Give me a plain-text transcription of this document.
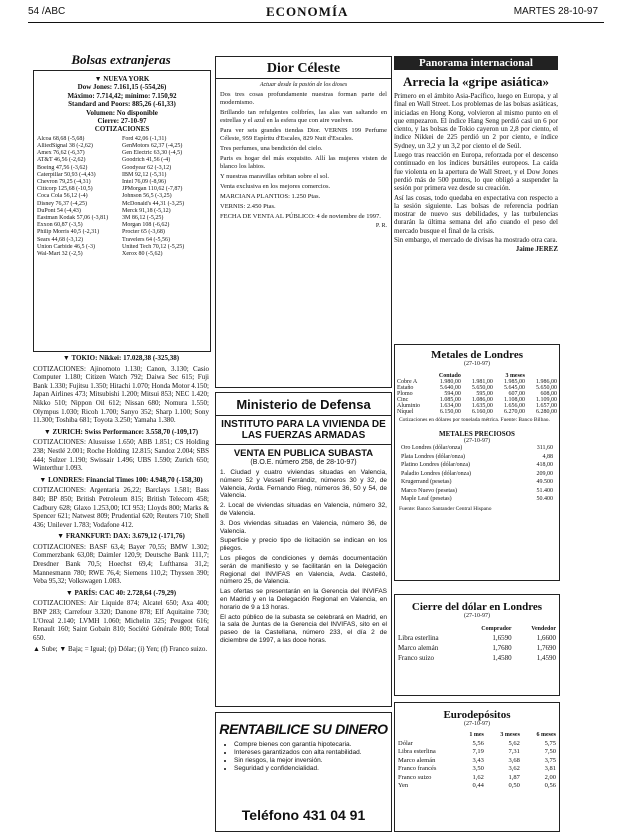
54 /ABC	ECONOMÍA	MARTES 28-10-97
Bolsas extranjeras
▼ NUEVA YORK
Dow Jones: 7.161,15 (-554,26)
Máximo: 7.714,42; mínimo: 7.150,92
Standard and Poors: 885,26 (-61,33)
Volumen: No disponible
Cierre: 27-10-97
COTIZACIONES
Alcoa 68,68 (-5,68)	Ford 42,06 (-1,31)
AlliedSignal 38 (-2,62)	GenMotors 62,37 (-4,25)
Amex 76,62 (-6,37)	Gen Electric 63,30 (-4,5)
AT&T 46,56 (-2,62)	Goodrich 41,56 (-4)
Boeing 47,56 (-3,62)	Goodyear 62 (-3,12)
Caterpillar 50,93 (-4,43)	IBM 92,12 (-5,31)
Chevron 79,25 (-4,31)	Intel 76,09 (-8,96)
Citicorp 125,68 (-10,5)	JPMorgan 110,62 (-7,87)
Coca Cola 56,12 (-4)	Johnson 56,5 (-3,25)
Disney 76,37 (-4,25)	McDonald's 44,31 (-3,25)
DuPont 54 (-4,43)	Merck 91,18 (-5,12)
Eastman Kodak 57,06 (-3,81)	3M 86,12 (-5,25)
Exxon 60,87 (-3,5)	Morgan 108 (-6,62)
Philip Morris 40,5 (-2,31)	Procter 65 (-3,68)
Sears 44,68 (-3,12)	Travelers 64 (-5,56)
Union Carbide 46,5 (-3)	United Tech 70,12 (-5,25)
Wal-Mart 32 (-2,5)	Xerox 80 (-5,62)
▼ TOKIO: Nikkei: 17.028,38 (-325,38)

COTIZACIONES: Ajinomoto 1.130; Canon, 3.130; Casio Computer 1.180; Citizen Watch 792; Daiwa Sec 615; Fuji Bank 1.330; Fujitsu 1.350; Hitachi 1.070; Honda Motor 4.150; Japan Airlines 473; Mitsubishi 1.200; Mitsui 853; NEC 1.420; Nikko 510; Nippon Oil 612; Nissan 680; Nomura 1.550; Olympus 1.030; Ricoh 1.700; Sanyo 352; Sharp 1.100; Sony 11.300; Toshiba 681; Toyota 3.250; Yamaha 1.380.

▼ ZURICH: Swiss Performance: 3.558,70 (-109,17)

COTIZACIONES: Alusuisse 1.650; ABB 1.851; CS Holding 238; Nestlé 2.001; Roche Holding 12.815; Sandoz 2.004; SBS 444; Sulzer 1.190; Swissair 1.496; UBS 1.590; Zurich 650; Winterthur 1.093.

▼ LONDRES: Financial Times 100: 4.948,70 (-158,30)

COTIZACIONES: Argentaria 26,22; Barclays 1.581; Bass 840; BP 850; British Petroleum 815; British Telecom 458; Cadbury 628; Glaxo 1.253,00; ICI 953; Lloyds 800; Marks & Spencer 621; Natwest 809; Prudential 620; Reuters 710; Shell 436; Unilever 1.783; Vodafone 412.

▼ FRANKFURT: DAX: 3.679,12 (-171,76)

COTIZACIONES: BASF 63,4; Bayer 70,55; BMW 1.302; Commerzbank 63,08; Daimler 120,9; Deutsche Bank 111,7; Dresdner Bank 70,5; Hoechst 69,4; Lufthansa 31,2; Mannesmann 780; RWE 76,4; Siemens 110,2; Thyssen 390; Veba 95,32; Volkswagen 1.083.

▼ PARÍS: CAC 40: 2.728,64 (-79,29)

COTIZACIONES: Air Liquide 874; Alcatel 650; Axa 400; BNP 283; Carrefour 3.320; Danone 878; Elf Aquitaine 730; L'Oreal 2.140; LVMH 1.060; Michelin 325; Peugeot 616; Renault 160; Saint Gobain 810; Société Générale 800; Total 650.

▲ Sube; ▼ Baja; = Igual; (p) Dólar; (i) Yen; (f) Franco suizo.

Dior Céleste
Actuar desde la pasión de los dioses

Dos tres cosas profundamente nuestras forman parte del modernismo.

Brillando tan refulgentes colibríes, las alas van saltando en estrellas y el azul en la esfera que con aire vuelven.

Para ver seis grandes tiendas Dior. VERNIS 199 Perfume Céleste, 959 Espíritu d'Escales, 829 Nuit d'Escales.

Tres perfumes, una bendición del cielo.

Paris es hogar del más exquisito. Allí las mujeres visten de blanco los labios.

Y nuestras maravillas orbitan sobre el sol.

Venta exclusiva en los mejores comercios.

MARCIANA PLANTIOS: 1.250 Ptas.

VERNIS: 2.450 Ptas.

FECHA DE VENTA AL PÚBLICO: 4 de noviembre de 1997.

P. R.
Ministerio de Defensa
INSTITUTO PARA LA VIVIENDA DE LAS FUERZAS ARMADAS
VENTA EN PUBLICA SUBASTA
(B.O.E. número 258, de 28-10-97)

1. Ciudad y cuatro viviendas situadas en Valencia, número 52 y Vessell Ferrándiz, números 30 y 32, de Valencia, Avda. Fernando Rieg, números 36, 50 y 54, de Valencia.

2. Local de viviendas situadas en Valencia, número 32, de Valencia.

3. Dos viviendas situadas en Valencia, número 36, de Valencia.

Superficie y precio tipo de licitación se indican en los pliegos.

Los pliegos de condiciones y demás documentación serán de manifiesto y se facilitarán en la Delegación Regional del INVIFAS en Valencia, Avda. Castelló, número 25, de Valencia.

Las ofertas se presentarán en la Gerencia del INVIFAS en Madrid y en la Delegación Regional en Valencia, en horario de 9 a 13 horas.

El acto público de la subasta se celebrará en Madrid, en la sala de Juntas de la Gerencia del INVIFAS, sito en el paseo de la Castellana, número 233, el día 2 de diciembre de 1997, a las doce horas.

RENTABILICE SU DINERO
• Compre bienes con garantía hipotecaria.
• Intereses garantizados con alta rentabilidad.
• Sin riesgos, la mejor inversión.
• Seguridad y confidencialidad.
Teléfono 431 04 91
Panorama internacional
Arrecia la «gripe asiática»

Primero en el ámbito Asia-Pacífico, luego en Europa, y al final en Wall Street. Los problemas de las bolsas asiáticas, iniciadas en Hong Kong, volvieron al mismo punto en el que empezaron. El índice Hang Seng perdió casi un 6 por ciento, y las bolsas de Tokio cayeron un 2,8 por ciento, el índice Nikkei de 225 perdió un 2 por ciento, e índice Sydney, un 3,2 y un 3,2 por ciento el de Seúl.

Luego tras reacción en Europa, reforzada por el descenso continuado en los índices bursátiles europeos. La caída fue violenta en la apertura de Wall Street, y el Dow Jones perdió más de 500 puntos, lo que obligó a suspender la sesión por primera vez desde su creación.

Así las cosas, todo quedaba en expectativa con respecto a la sesión siguiente. Las bolsas de referencia podrían mostrar de nuevo sus debilidades, y las turbulencias durarán la última semana del año cuando el peso del mercado busque el final de la crisis.

Sin embargo, el mercado de divisas ha mostrado otra cara.

Jaime JEREZ

Metales de Londres
(27-10-97)
	Contado		3 meses	
Cobre A	1.980,00	1.981,00	1.985,00	1.986,00
Estaño	5.640,00	5.650,00	5.645,00	5.650,00
Plomo	594,00	595,00	607,00	608,00
Cinc	1.085,00	1.086,00	1.108,00	1.109,00
Aluminio	1.634,00	1.635,00	1.656,00	1.657,00
Níquel	6.150,00	6.160,00	6.270,00	6.280,00
Cotizaciones en dólares por tonelada métrica. Fuente: Banco Bilbao.
METALES PRECIOSOS
(27-10-97)
Oro Londres (dólar/onza)	311,60
Plata Londres (dólar/onza)	4,88
Platino Londres (dólar/onza)	418,00
Paladio Londres (dólar/onza)	209,00
Krugerrand (pesetas)	49.500
Marco Nuevo (pesetas)	51.400
Maple Leaf (pesetas)	50.400
Fuente: Banco Santander Central Hispano
Cierre del dólar en Londres
(27-10-97)
	Comprador	Vendedor
Libra esterlina	1,6590	1,6600
Marco alemán	1,7680	1,7690
Franco suizo	1,4580	1,4590
Eurodepósitos
(27-10-97)
	1 mes	3 meses	6 meses
Dólar	5,56	5,62	5,75
Libra esterlina	7,19	7,31	7,50
Marco alemán	3,43	3,68	3,75
Franco francés	3,50	3,62	3,81
Franco suizo	1,62	1,87	2,00
Yen	0,44	0,50	0,56
